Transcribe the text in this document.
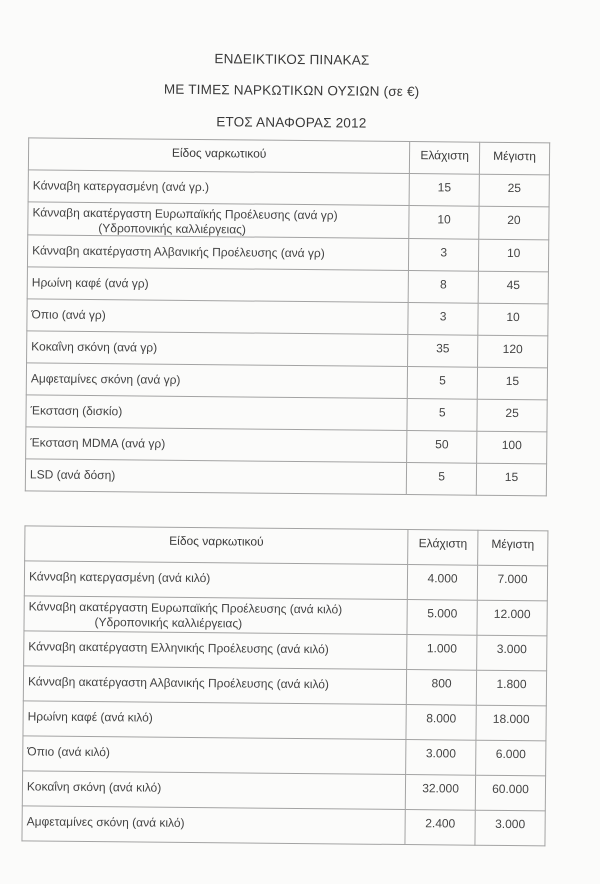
ΕΝΔΕΙΚΤΙΚΟΣ ΠΙΝΑΚΑΣ
ΜΕ ΤΙΜΕΣ ΝΑΡΚΩΤΙΚΩΝ ΟΥΣΙΩΝ (σε €)
ΕΤΟΣ ΑΝΑΦΟΡΑΣ 2012
Είδος ναρκωτικού	Ελάχιστη	Μέγιστη
Κάνναβη κατεργασμένη (ανά γρ.)	15	25
Κάνναβη ακατέργαστη Ευρωπαϊκής Προέλευσης (ανά γρ)
(Υδροπονικής καλλιέργειας)	10	20
Κάνναβη ακατέργαστη Αλβανικής Προέλευσης (ανά γρ)	3	10
Ηρωίνη καφέ (ανά γρ)	8	45
Όπιο (ανά γρ)	3	10
Κοκαΐνη σκόνη (ανά γρ)	35	120
Αμφεταμίνες σκόνη (ανά γρ)	5	15
Έκσταση (δισκίο)	5	25
Έκσταση MDMA (ανά γρ)	50	100
LSD (ανά δόση)	5	15
Είδος ναρκωτικού	Ελάχιστη	Μέγιστη
Κάνναβη κατεργασμένη (ανά κιλό)	4.000	7.000
Κάνναβη ακατέργαστη Ευρωπαϊκής Προέλευσης (ανά κιλό)
(Υδροπονικής καλλιέργειας)	5.000	12.000
Κάνναβη ακατέργαστη Ελληνικής Προέλευσης (ανά κιλό)	1.000	3.000
Κάνναβη ακατέργαστη Αλβανικής Προέλευσης (ανά κιλό)	800	1.800
Ηρωίνη καφέ (ανά κιλό)	8.000	18.000
Όπιο (ανά κιλό)	3.000	6.000
Κοκαΐνη σκόνη (ανά κιλό)	32.000	60.000
Αμφεταμίνες σκόνη (ανά κιλό)	2.400	3.000
